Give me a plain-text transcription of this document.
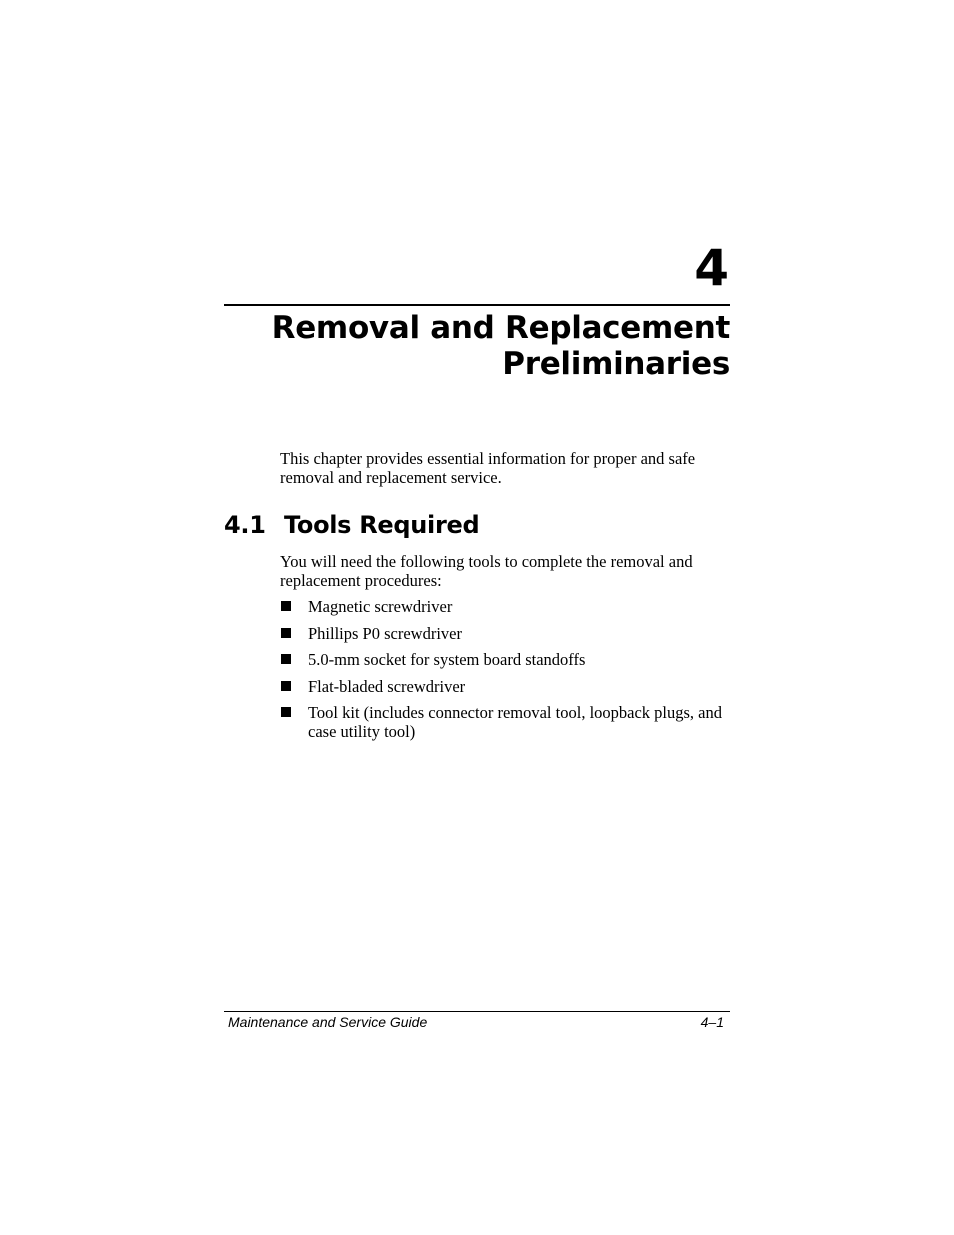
4
Removal and Replacement
Preliminaries

This chapter provides essential information for proper and safe removal and replacement service.

4.1 Tools Required

You will need the following tools to complete the removal and replacement procedures:

Magnetic screwdriver
Phillips P0 screwdriver
5.0-mm socket for system board standoffs
Flat-bladed screwdriver
Tool kit (includes connector removal tool, loopback plugs, and case utility tool)

Maintenance and Service Guide	4–1
